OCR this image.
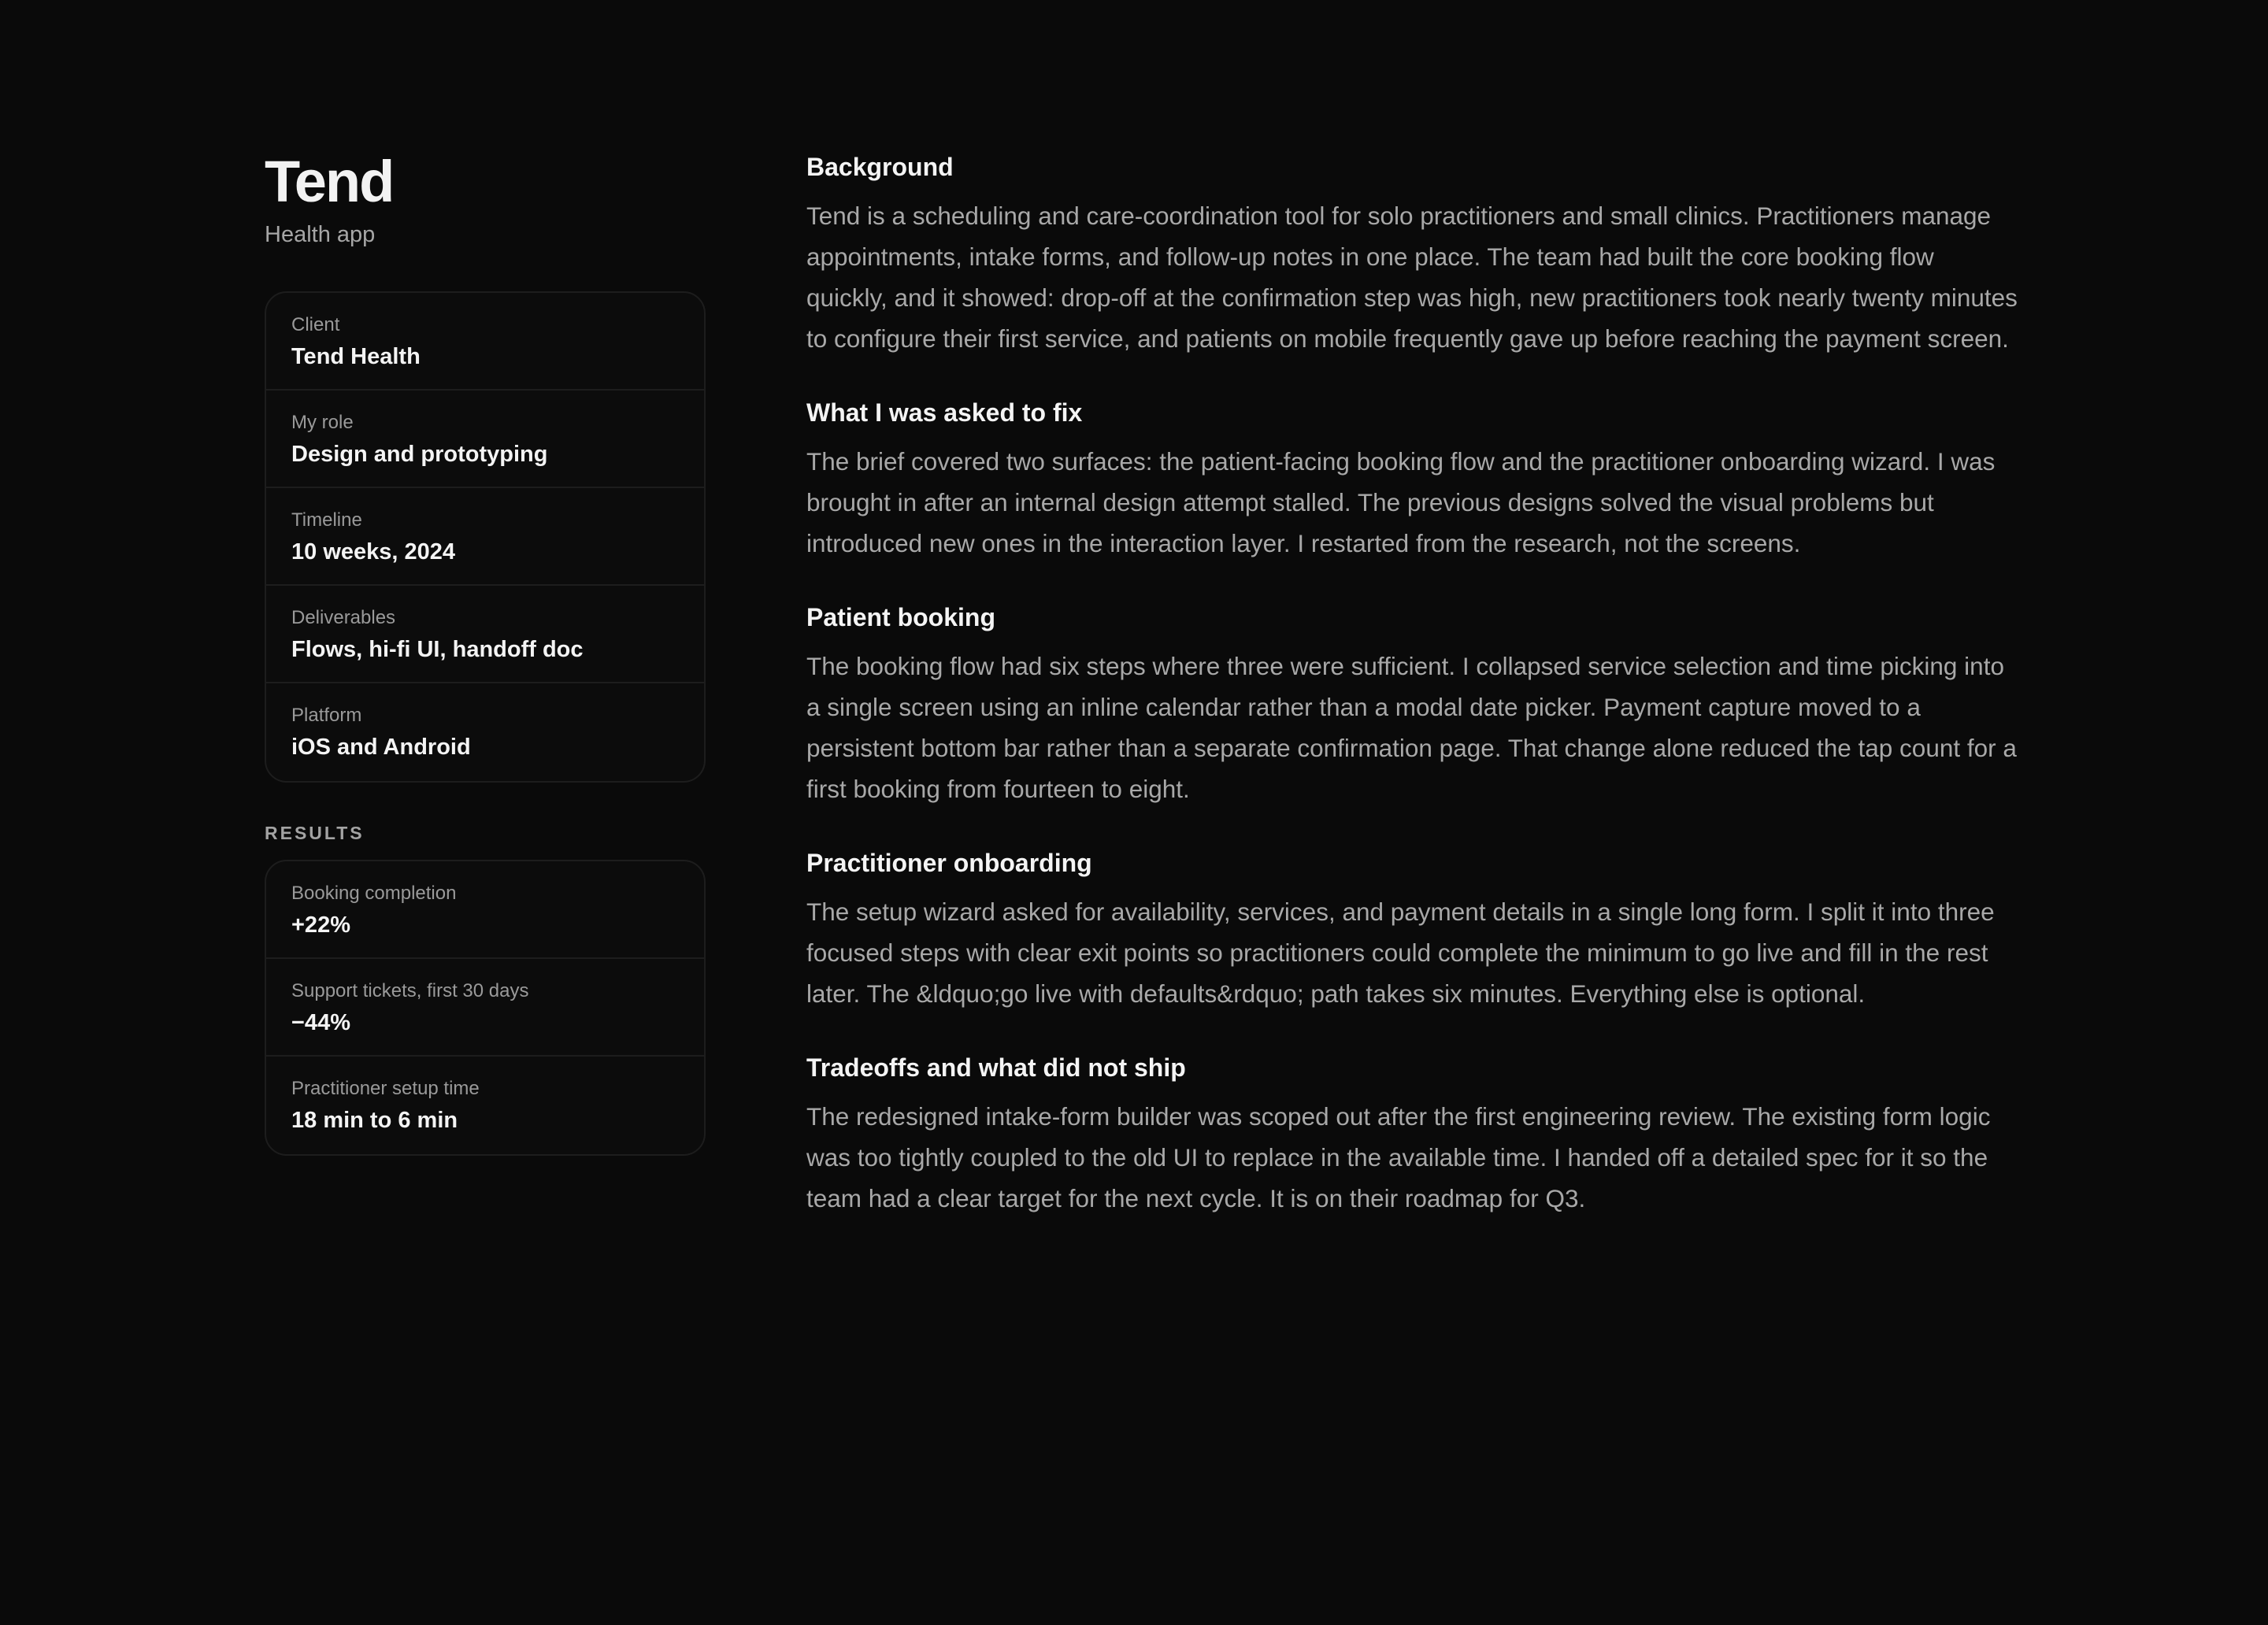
Tend
Health app
Client
Tend Health
My role
Design and prototyping
Timeline
10 weeks, 2024
Deliverables
Flows, hi-fi UI, handoff doc
Platform
iOS and Android
RESULTS
Booking completion
+22%
Support tickets, first 30 days
−44%
Practitioner setup time
18 min to 6 min
Background

Tend is a scheduling and care-coordination tool for solo practitioners and small clinics. Practitioners manage appointments, intake forms, and follow-up notes in one place. The team had built the core booking flow quickly, and it showed: drop-off at the confirmation step was high, new practitioners took nearly twenty minutes to configure their first service, and patients on mobile frequently gave up before reaching the payment screen.

What I was asked to fix

The brief covered two surfaces: the patient-facing booking flow and the practitioner onboarding wizard. I was brought in after an internal design attempt stalled. The previous designs solved the visual problems but introduced new ones in the interaction layer. I restarted from the research, not the screens.

Patient booking

The booking flow had six steps where three were sufficient. I collapsed service selection and time picking into a single screen using an inline calendar rather than a modal date picker. Payment capture moved to a persistent bottom bar rather than a separate confirmation page. That change alone reduced the tap count for a first booking from fourteen to eight.

Practitioner onboarding

The setup wizard asked for availability, services, and payment details in a single long form. I split it into three focused steps with clear exit points so practitioners could complete the minimum to go live and fill in the rest later. The &ldquo;go live with defaults&rdquo; path takes six minutes. Everything else is optional.

Tradeoffs and what did not ship

The redesigned intake-form builder was scoped out after the first engineering review. The existing form logic was too tightly coupled to the old UI to replace in the available time. I handed off a detailed spec for it so the team had a clear target for the next cycle. It is on their roadmap for Q3.
